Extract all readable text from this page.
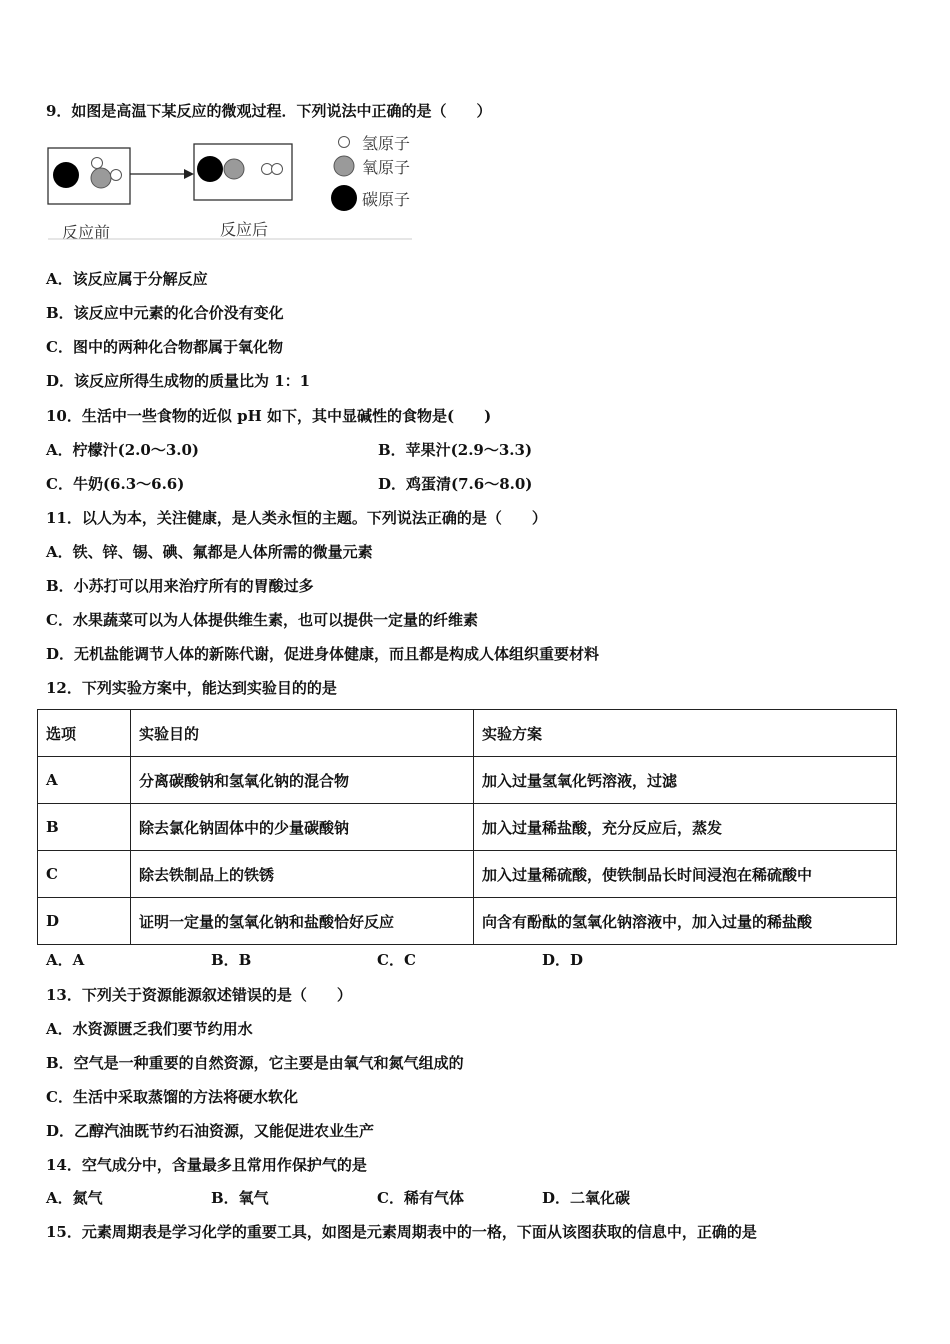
9．如图是高温下某反应的微观过程．下列说法中正确的是（　　）
反应前	反应后
氢原子
氧原子
碳原子
A．该反应属于分解反应
B．该反应中元素的化合价没有变化
C．图中的两种化合物都属于氧化物
D．该反应所得生成物的质量比为 1：1
10．生活中一些食物的近似 pH 如下，其中显碱性的食物是(　　)
A．柠檬汁(2.0～3.0)	B．苹果汁(2.9～3.3)
C．牛奶(6.3～6.6)	D．鸡蛋清(7.6～8.0)
11．以人为本，关注健康，是人类永恒的主题。下列说法正确的是（　　）
A．铁、锌、锡、碘、氟都是人体所需的微量元素
B．小苏打可以用来治疗所有的胃酸过多
C．水果蔬菜可以为人体提供维生素，也可以提供一定量的纤维素
D．无机盐能调节人体的新陈代谢，促进身体健康，而且都是构成人体组织重要材料
12．下列实验方案中，能达到实验目的的是
选项	实验目的	实验方案
A	分离碳酸钠和氢氧化钠的混合物	加入过量氢氧化钙溶液，过滤
B	除去氯化钠固体中的少量碳酸钠	加入过量稀盐酸，充分反应后，蒸发
C	除去铁制品上的铁锈	加入过量稀硫酸，使铁制品长时间浸泡在稀硫酸中
D	证明一定量的氢氧化钠和盐酸恰好反应	向含有酚酞的氢氧化钠溶液中，加入过量的稀盐酸
A．A	B．B	C．C	D．D
13．下列关于资源能源叙述错误的是（　　）
A．水资源匮乏我们要节约用水
B．空气是一种重要的自然资源，它主要是由氧气和氮气组成的
C．生活中采取蒸馏的方法将硬水软化
D．乙醇汽油既节约石油资源，又能促进农业生产
14．空气成分中，含量最多且常用作保护气的是
A．氮气	B．氧气	C．稀有气体	D．二氧化碳
15．元素周期表是学习化学的重要工具，如图是元素周期表中的一格，下面从该图获取的信息中，正确的是
